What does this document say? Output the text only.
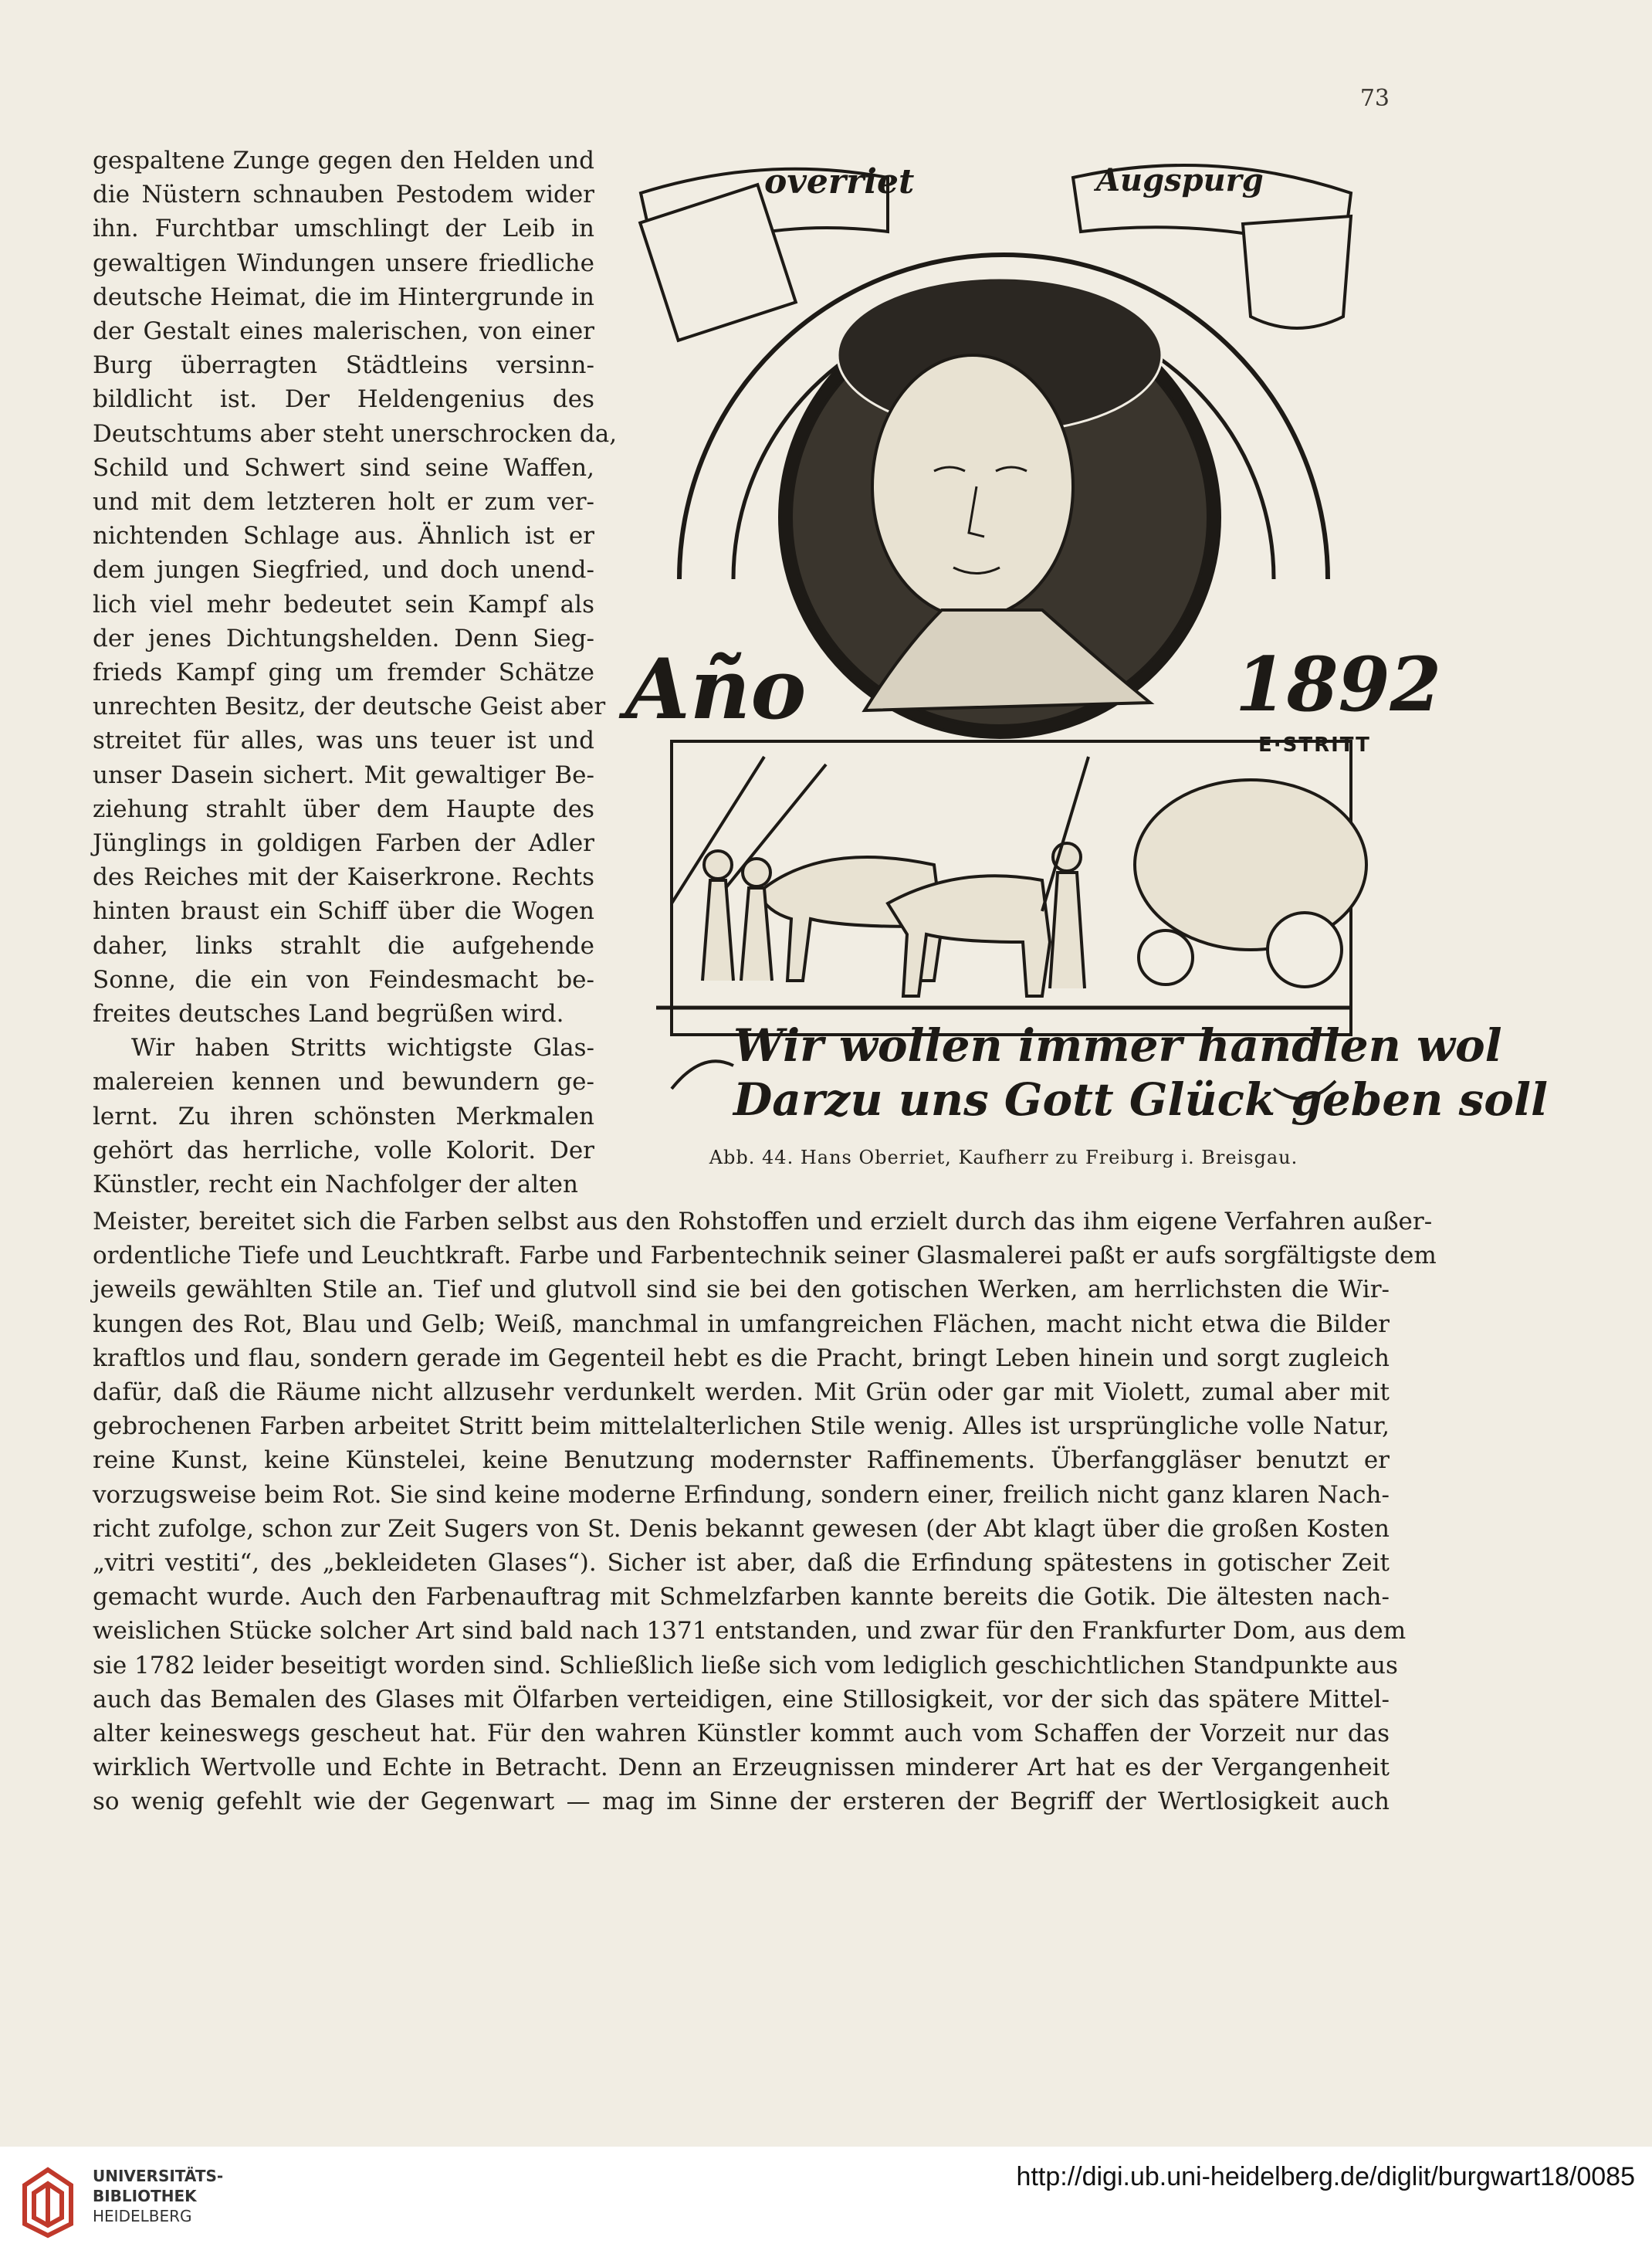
73
gespaltene Zunge gegen den Helden und
die Nüstern schnauben Pestodem wider
ihn. Furchtbar umschlingt der Leib in
gewaltigen Windungen unsere friedliche
deutsche Heimat, die im Hintergrunde in
der Gestalt eines malerischen, von einer
Burg überragten Städtleins versinn-
bildlicht ist. Der Heldengenius des
Deutschtums aber steht unerschrocken da,
Schild und Schwert sind seine Waffen,
und mit dem letzteren holt er zum ver-
nichtenden Schlage aus. Ähnlich ist er
dem jungen Siegfried, und doch unend-
lich viel mehr bedeutet sein Kampf als
der jenes Dichtungshelden. Denn Sieg-
frieds Kampf ging um fremder Schätze
unrechten Besitz, der deutsche Geist aber
streitet für alles, was uns teuer ist und
unser Dasein sichert. Mit gewaltiger Be-
ziehung strahlt über dem Haupte des
Jünglings in goldigen Farben der Adler
des Reiches mit der Kaiserkrone. Rechts
hinten braust ein Schiff über die Wogen
daher, links strahlt die aufgehende
Sonne, die ein von Feindesmacht be-
freites deutsches Land begrüßen wird.
Wir haben Stritts wichtigste Glas-
malereien kennen und bewundern ge-
lernt. Zu ihren schönsten Merkmalen
gehört das herrliche, volle Kolorit. Der
Künstler, recht ein Nachfolger der alten
Meister, bereitet sich die Farben selbst aus den Rohstoffen und erzielt durch das ihm eigene Verfahren außer-
ordentliche Tiefe und Leuchtkraft. Farbe und Farbentechnik seiner Glasmalerei paßt er aufs sorgfältigste dem
jeweils gewählten Stile an. Tief und glutvoll sind sie bei den gotischen Werken, am herrlichsten die Wir-
kungen des Rot, Blau und Gelb; Weiß, manchmal in umfangreichen Flächen, macht nicht etwa die Bilder
kraftlos und flau, sondern gerade im Gegenteil hebt es die Pracht, bringt Leben hinein und sorgt zugleich
dafür, daß die Räume nicht allzusehr verdunkelt werden. Mit Grün oder gar mit Violett, zumal aber mit
gebrochenen Farben arbeitet Stritt beim mittelalterlichen Stile wenig. Alles ist ursprüngliche volle Natur,
reine Kunst, keine Künstelei, keine Benutzung modernster Raffinements. Überfanggläser benutzt er
vorzugsweise beim Rot. Sie sind keine moderne Erfindung, sondern einer, freilich nicht ganz klaren Nach-
richt zufolge, schon zur Zeit Sugers von St. Denis bekannt gewesen (der Abt klagt über die großen Kosten
„vitri vestiti“, des „bekleideten Glases“). Sicher ist aber, daß die Erfindung spätestens in gotischer Zeit
gemacht wurde. Auch den Farbenauftrag mit Schmelzfarben kannte bereits die Gotik. Die ältesten nach-
weislichen Stücke solcher Art sind bald nach 1371 entstanden, und zwar für den Frankfurter Dom, aus dem
sie 1782 leider beseitigt worden sind. Schließlich ließe sich vom lediglich geschichtlichen Standpunkte aus
auch das Bemalen des Glases mit Ölfarben verteidigen, eine Stillosigkeit, vor der sich das spätere Mittel-
alter keineswegs gescheut hat. Für den wahren Künstler kommt auch vom Schaffen der Vorzeit nur das
wirklich Wertvolle und Echte in Betracht. Denn an Erzeugnissen minderer Art hat es der Vergangenheit
so wenig gefehlt wie der Gegenwart — mag im Sinne der ersteren der Begriff der Wertlosigkeit auch
overriet	Augspurg
Año	1892
E·STRITT
Wir wollen immer handlen wol
Darzu uns Gott Glück geben soll
Abb. 44. Hans Oberriet, Kaufherr zu Freiburg i. Breisgau.
UNIVERSITÄTS-
BIBLIOTHEK
HEIDELBERG
http://digi.ub.uni-heidelberg.de/diglit/burgwart18/0085
